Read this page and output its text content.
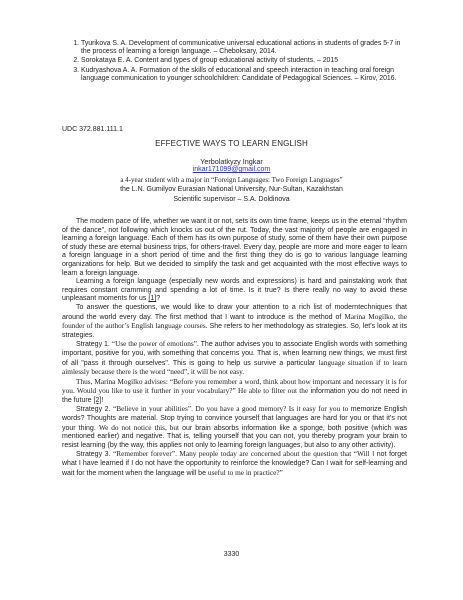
1. Tyurikova S. A. Development of communicative universal educational actions in students of grades 5-7 in the process of learning a foreign language. – Cheboksary, 2014.
2. Sorokataya E. A. Content and types of group educational activity of students. – 2015
3. Kudryashova A. A. Formation of the skills of educational and speech interaction in teaching oral foreign language communication to younger schoolchildren: Candidate of Pedagogical Sciences. – Kirov, 2016.
UDC 372.881.111.1
EFFECTIVE WAYS TO LEARN ENGLISH
Yerbolatkyzy Ingkar
inkar171099@gmail.com
a 4-year student with a major in “Foreign Languages: Two Foreign Languages”
the L.N. Gumilyov Eurasian National University, Nur-Sultan, Kazakhstan
Scientific supervisor – S.A. Doldinova

The modern pace of life, whether we want it or not, sets its own time frame, keeps us in the eternal “rhythm of the dance”, not following which knocks us out of the rut. Today, the vast majority of people are engaged in learning a foreign language. Each of them has its own purpose of study, some of them have their own purpose of study these are eternal business trips, for others-travel. Every day, people are more and more eager to learn a foreign language in a short period of time and the first thing they do is go to various language learning organizations for help. But we decided to simplify the task and get acquainted with the most effective ways to learn a foreign language.

Learning a foreign language (especially new words and expressions) is hard and painstaking work that requires constant cramming and spending a lot of time. Is it true? Is there really no way to avoid these unpleasant moments for us [1]?

To answer the questions, we would like to draw your attention to a rich list of moderntechniques that around the world every day. The first method that I want to introduce is the method of Marina Mogilko, the founder of the author’s English language courses. She refers to her methodology as strategies. So, let’s look at its strategies.

Strategy 1. “Use the power of emotions”. The author advises you to associate English words with something important, positive for you, with something that concerns you. That is, when learning new things, we must first of all "pass it through ourselves". This is going to help us survive a particular language situation if to learn aimlessly because there is the word “need”, it will be not easy.

Thus, Marina Mogilko advises: “Before you remember a word, think about how important and necessary it is for you. Would you like to use it further in your vocabulary?” He able to filter out the information you do not need in the future [2]!

Strategy 2. “Believe in your abilities”. Do you have a good memory? Is it easy for you to memorize English words? Thoughts are material. Stop trying to convince yourself that languages are hard for you or that it’s not your thing. We do not notice this, but our brain absorbs information like a sponge, both positive (which was mentioned earlier) and negative. That is, telling yourself that you can not, you thereby program your brain to resist learning (by the way, this applies not only to learning foreign languages, but also to any other activity).

Strategy 3. “Remember forever”. Many people today are concerned about the question that “Will I not forget what I have learned if I do not have the opportunity to reinforce the knowledge? Can I wait for self-learning and wait for the moment when the language will be useful to me in practice?”

3330
